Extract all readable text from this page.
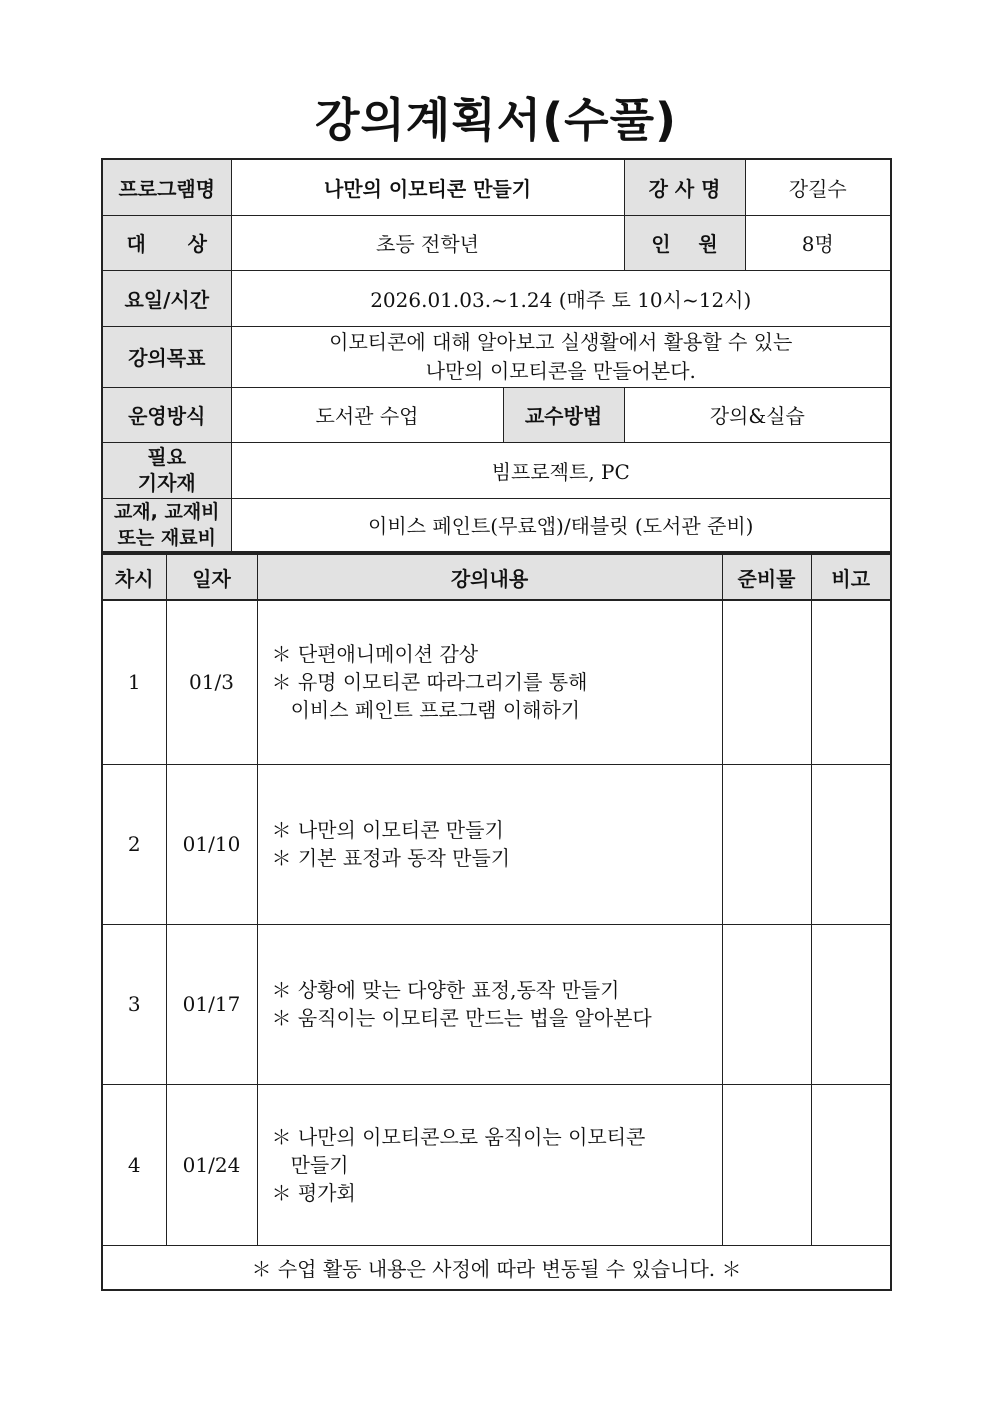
강의계획서(수풀)
프로그램명	나만의 이모티콘 만들기		강 사 명	강길수
대      상	초등 전학년		인    원	8명
요일/시간	2026.01.03.~1.24 (매주 토 10시~12시)			
강의목표	이모티콘에 대해 알아보고 실생활에서 활용할 수 있는
나만의 이모티콘을 만들어본다.			

운영방식	도서관 수업	교수방법	강의&실습	

필요
기자재	빔프로젝트, PC			

교재, 교재비
또는 재료비	이비스 페인트(무료앱)/태블릿 (도서관 준비)			
차시	일자	강의내용	준비물	비고
1	01/3	＊ 단편애니메이션 감상
＊ 유명 이모티콘 따라그리기를 통해
이비스 페인트 프로그램 이해하기		

2	01/10	＊ 나만의 이모티콘 만들기
＊ 기본 표정과 동작 만들기		

3	01/17	＊ 상황에 맞는 다양한 표정,동작 만들기
＊ 움직이는 이모티콘 만드는 법을 알아본다		

4	01/24	＊ 나만의 이모티콘으로 움직이는 이모티콘
만들기
＊ 평가회		

＊ 수업 활동 내용은 사정에 따라 변동될 수 있습니다. ＊				
